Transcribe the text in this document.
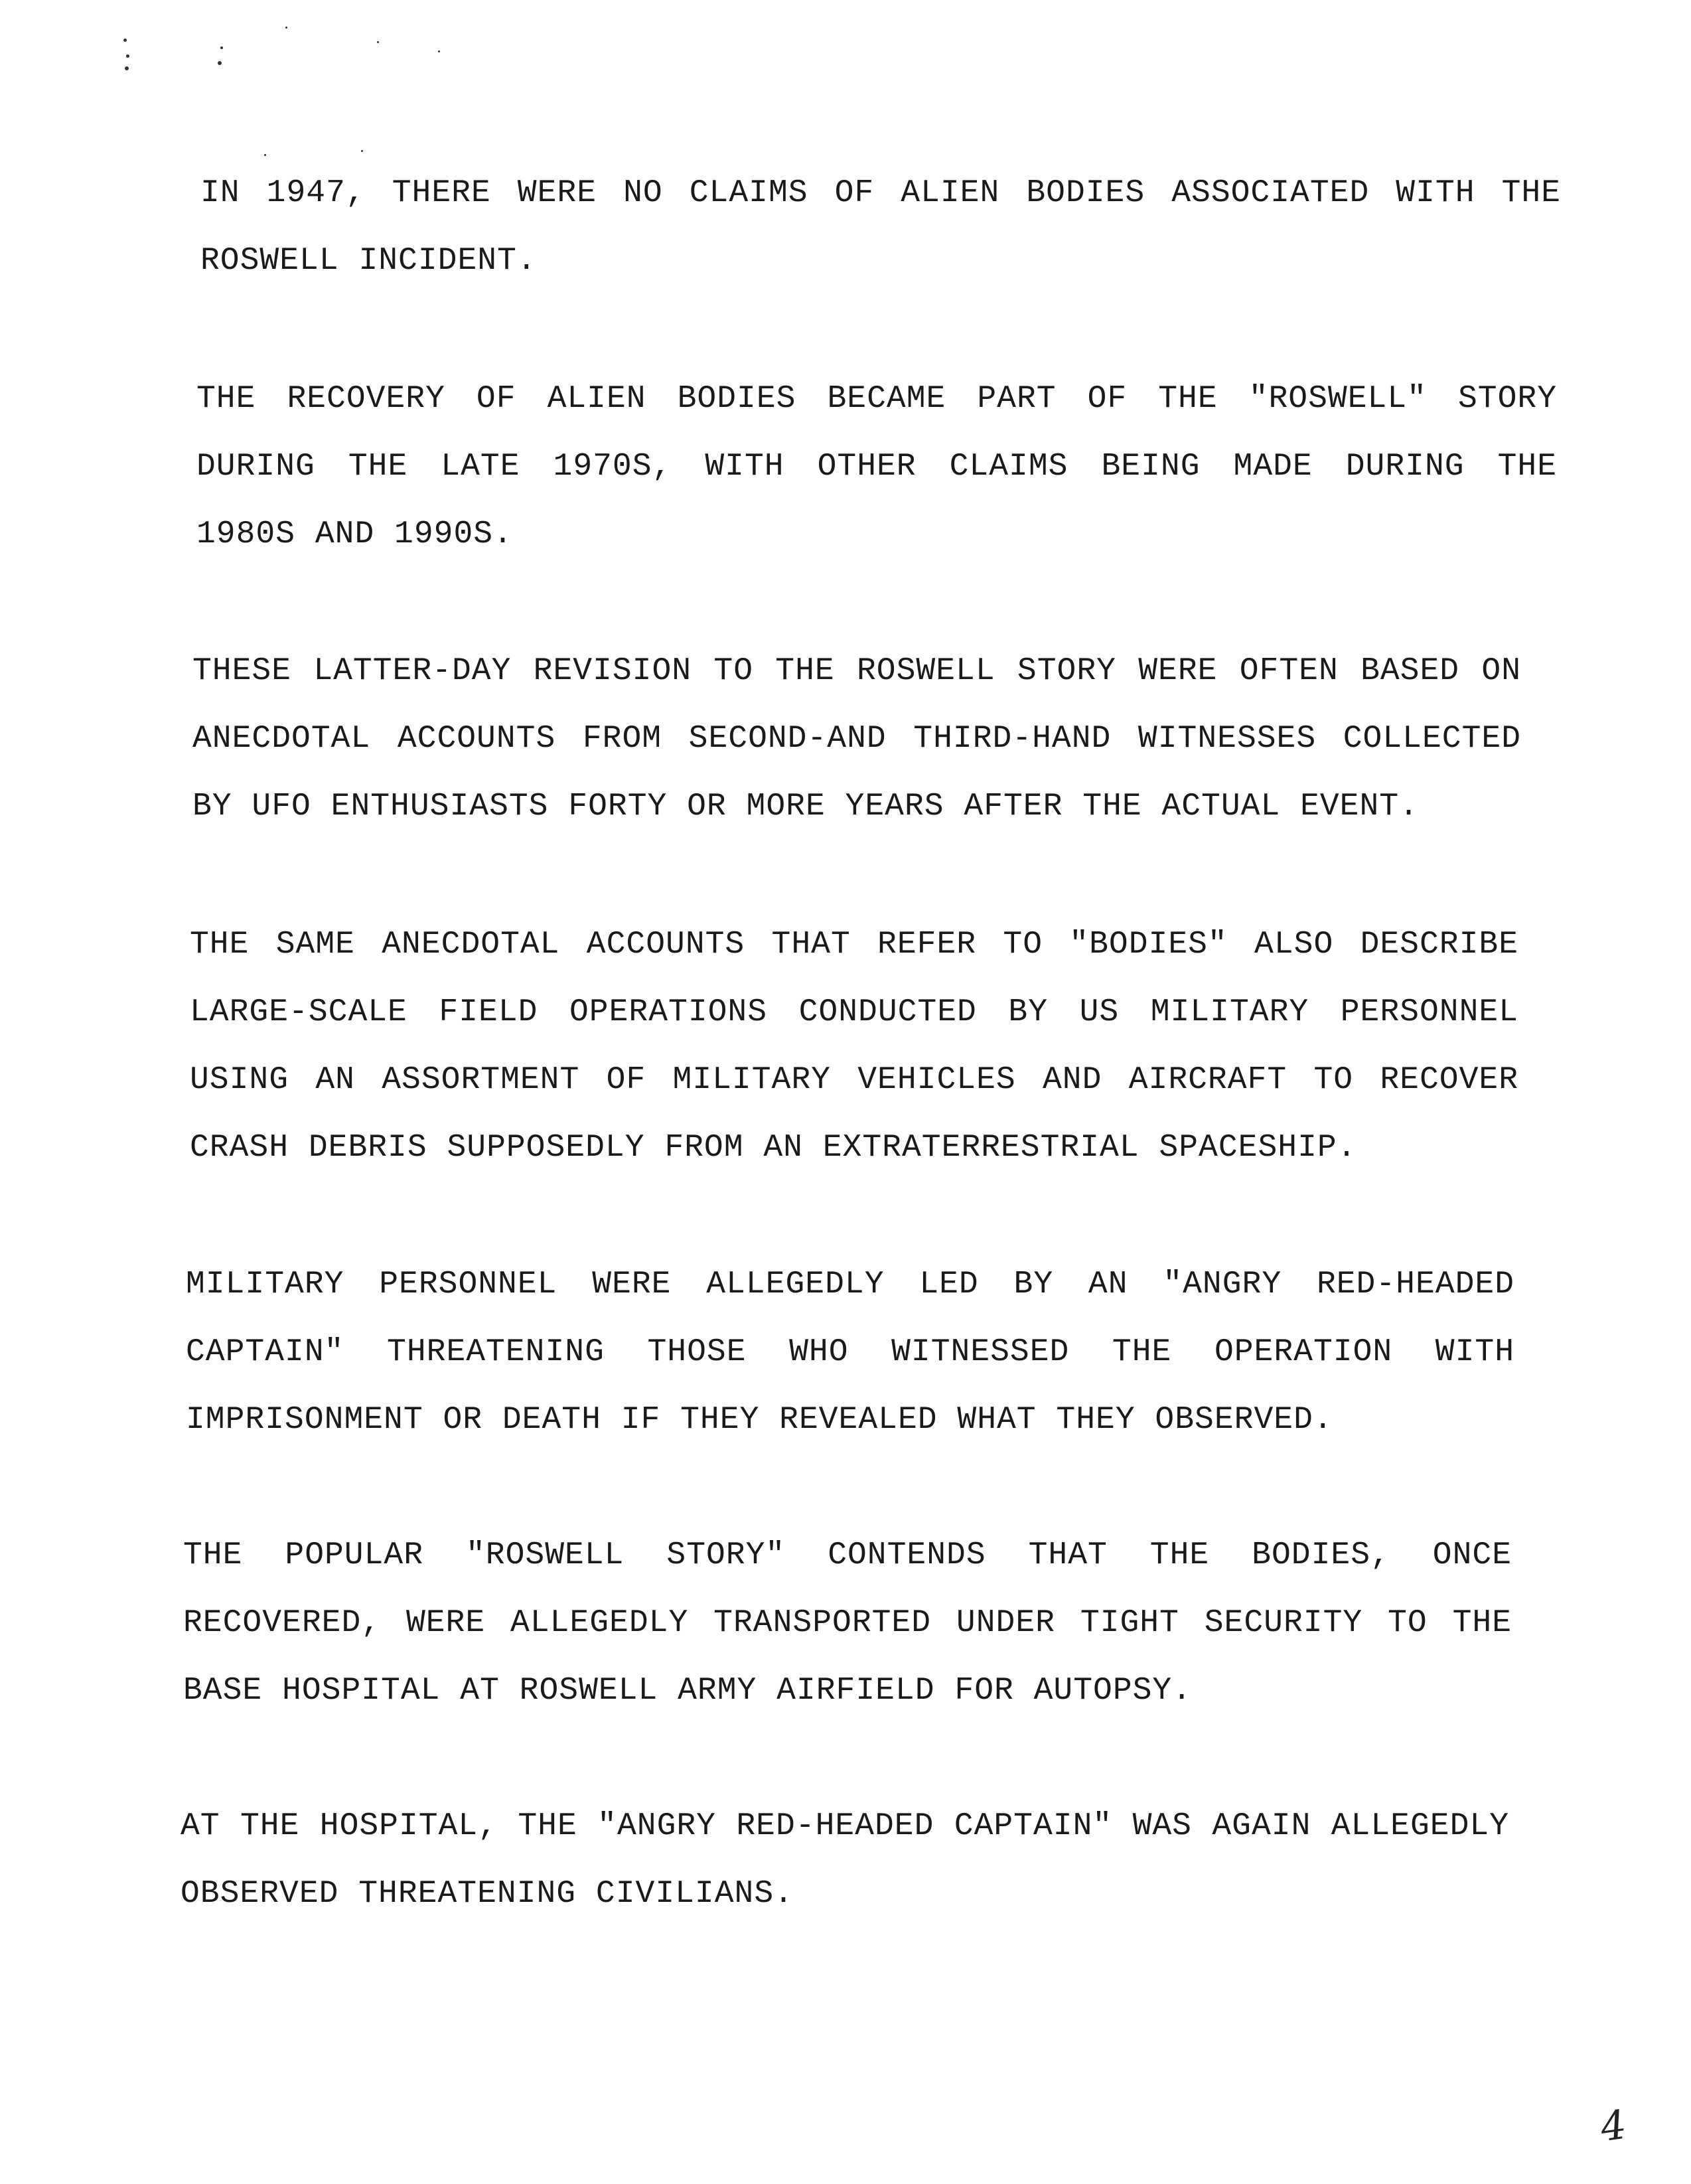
IN 1947, THERE WERE NO CLAIMS OF ALIEN BODIES ASSOCIATED WITH THE
ROSWELL INCIDENT.
THE RECOVERY OF ALIEN BODIES BECAME PART OF THE "ROSWELL" STORY
DURING THE LATE 1970S, WITH OTHER CLAIMS BEING MADE DURING THE
1980S AND 1990S.
THESE LATTER-DAY REVISION TO THE ROSWELL STORY WERE OFTEN BASED ON
ANECDOTAL ACCOUNTS FROM SECOND-AND THIRD-HAND WITNESSES COLLECTED
BY UFO ENTHUSIASTS FORTY OR MORE YEARS AFTER THE ACTUAL EVENT.
THE SAME ANECDOTAL ACCOUNTS THAT REFER TO "BODIES" ALSO DESCRIBE
LARGE-SCALE FIELD OPERATIONS CONDUCTED BY US MILITARY PERSONNEL
USING AN ASSORTMENT OF MILITARY VEHICLES AND AIRCRAFT TO RECOVER
CRASH DEBRIS SUPPOSEDLY FROM AN EXTRATERRESTRIAL SPACESHIP.
MILITARY PERSONNEL WERE ALLEGEDLY LED BY AN "ANGRY RED-HEADED
CAPTAIN" THREATENING THOSE WHO WITNESSED THE OPERATION WITH
IMPRISONMENT OR DEATH IF THEY REVEALED WHAT THEY OBSERVED.
THE POPULAR "ROSWELL STORY" CONTENDS THAT THE BODIES, ONCE
RECOVERED, WERE ALLEGEDLY TRANSPORTED UNDER TIGHT SECURITY TO THE
BASE HOSPITAL AT ROSWELL ARMY AIRFIELD FOR AUTOPSY.
AT THE HOSPITAL, THE "ANGRY RED-HEADED CAPTAIN" WAS AGAIN ALLEGEDLY
OBSERVED THREATENING CIVILIANS.
4
